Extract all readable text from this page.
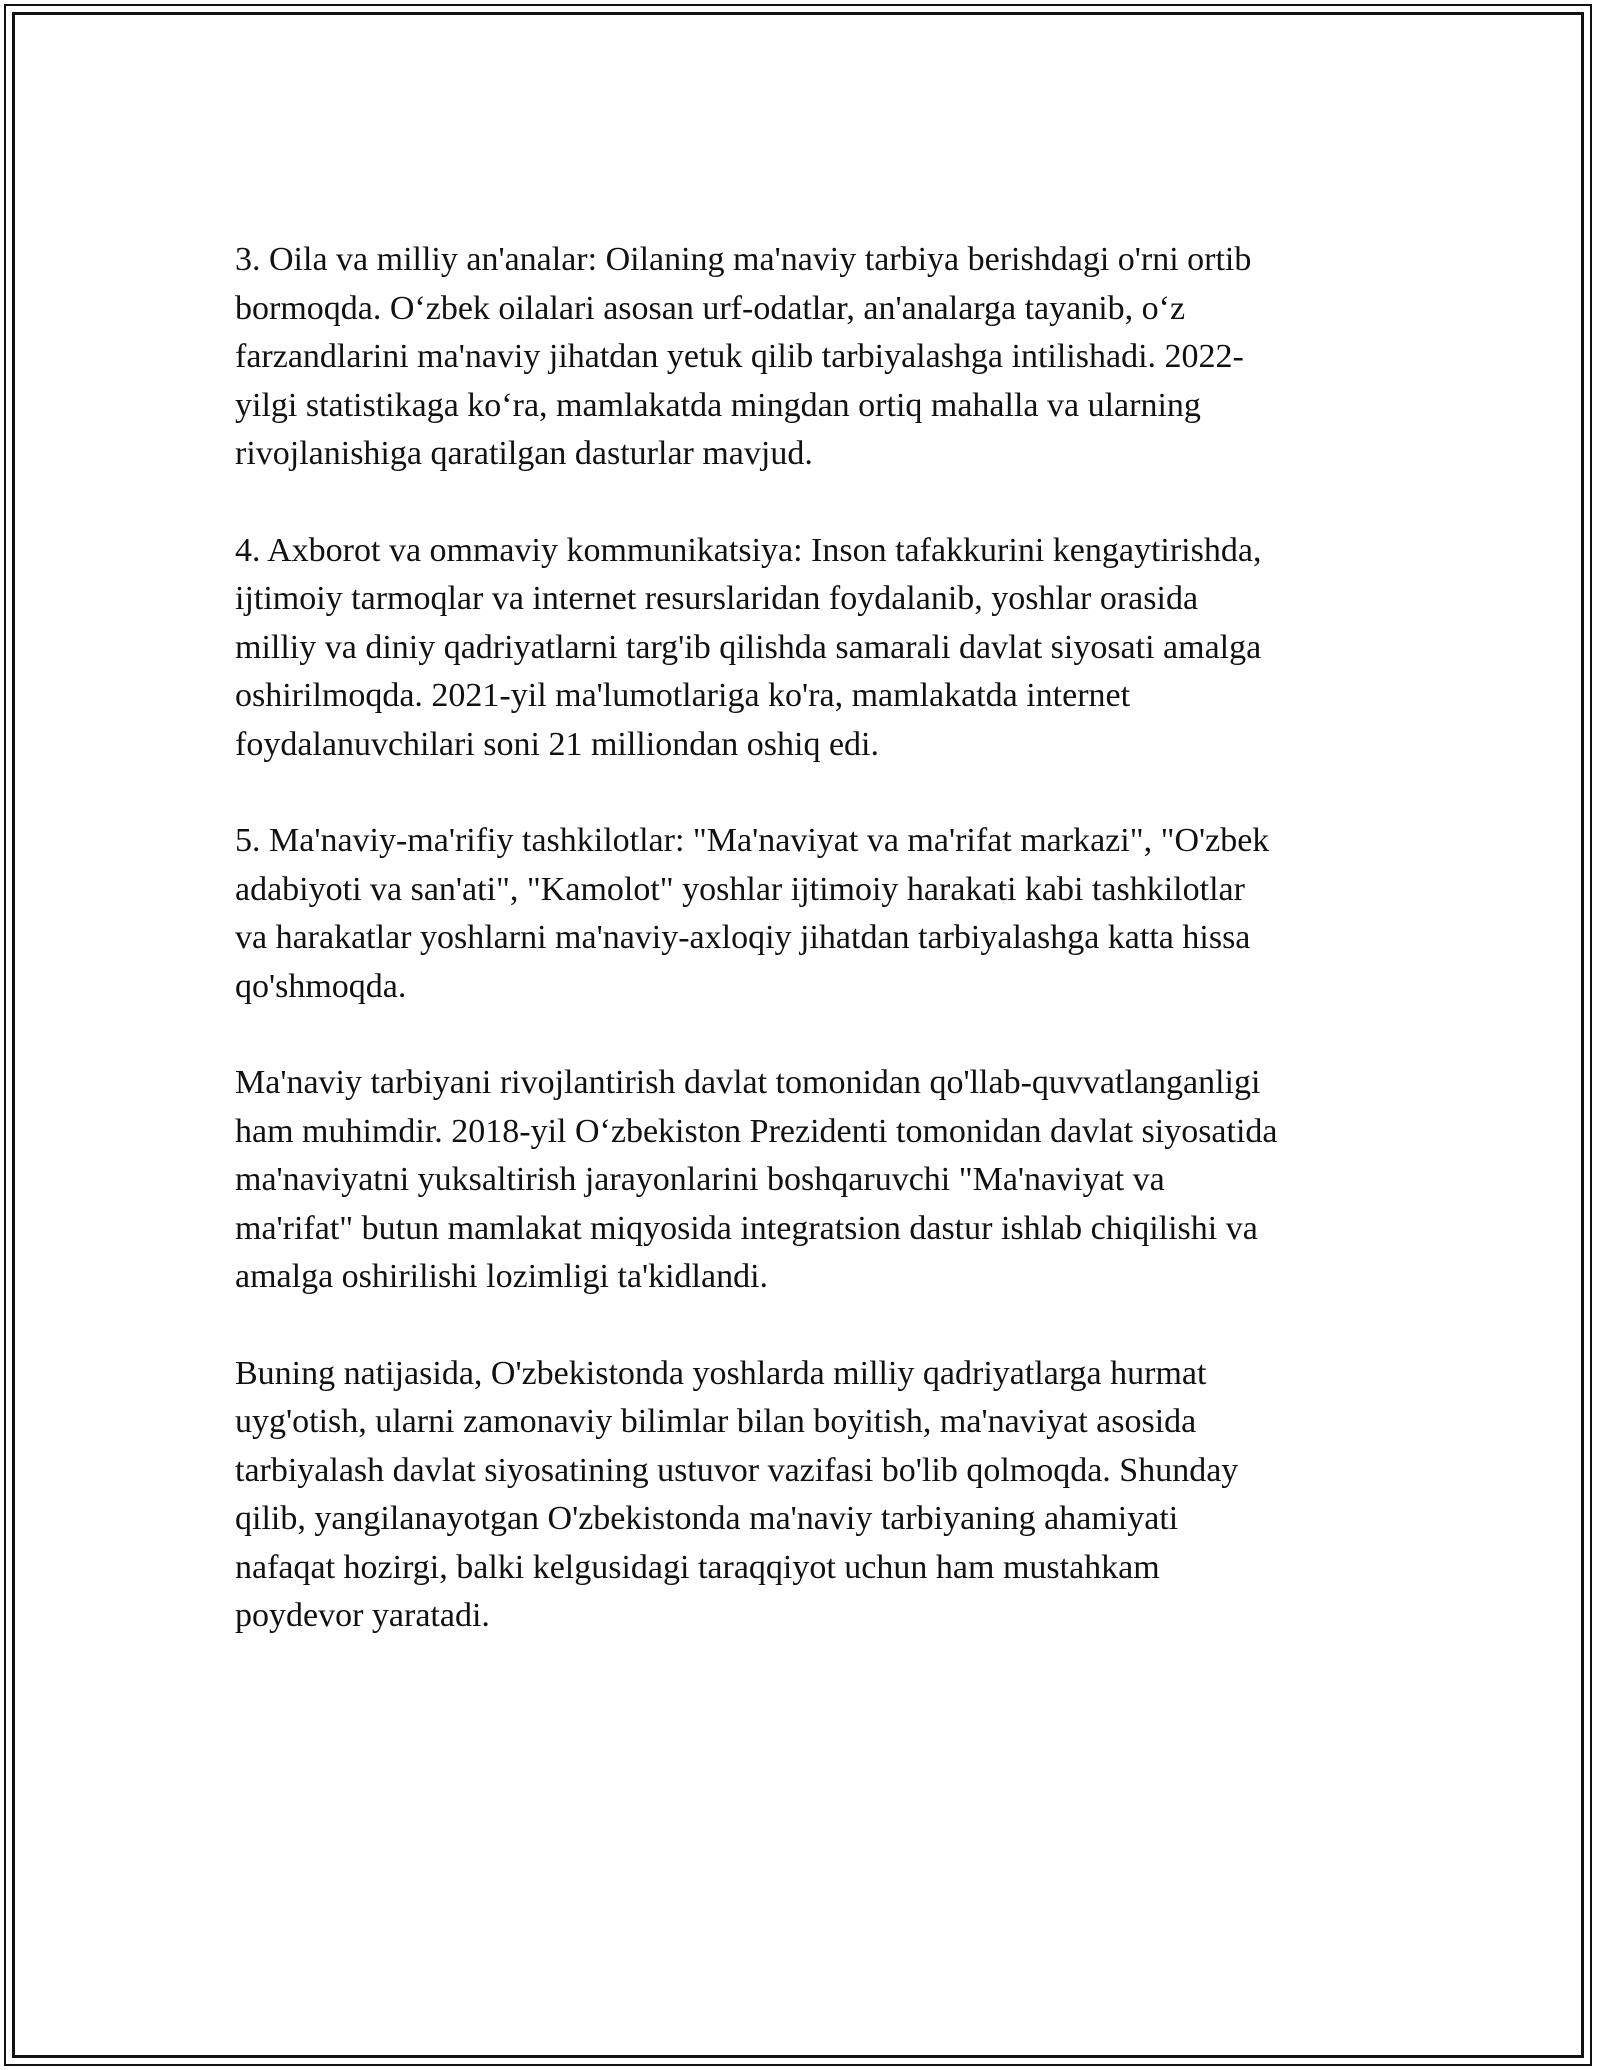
3. Oila va milliy an'analar: Oilaning ma'naviy tarbiya berishdagi o'rni ortib
bormoqda. O‘zbek oilalari asosan urf-odatlar, an'analarga tayanib, o‘z
farzandlarini ma'naviy jihatdan yetuk qilib tarbiyalashga intilishadi. 2022-
yilgi statistikaga ko‘ra, mamlakatda mingdan ortiq mahalla va ularning
rivojlanishiga qaratilgan dasturlar mavjud.
4. Axborot va ommaviy kommunikatsiya: Inson tafakkurini kengaytirishda,
ijtimoiy tarmoqlar va internet resurslaridan foydalanib, yoshlar orasida
milliy va diniy qadriyatlarni targ'ib qilishda samarali davlat siyosati amalga
oshirilmoqda. 2021-yil ma'lumotlariga ko'ra, mamlakatda internet
foydalanuvchilari soni 21 milliondan oshiq edi.
5. Ma'naviy-ma'rifiy tashkilotlar: "Ma'naviyat va ma'rifat markazi", "O'zbek
adabiyoti va san'ati", "Kamolot" yoshlar ijtimoiy harakati kabi tashkilotlar
va harakatlar yoshlarni ma'naviy-axloqiy jihatdan tarbiyalashga katta hissa
qo'shmoqda.
Ma'naviy tarbiyani rivojlantirish davlat tomonidan qo'llab-quvvatlanganligi
ham muhimdir. 2018-yil O‘zbekiston Prezidenti tomonidan davlat siyosatida
ma'naviyatni yuksaltirish jarayonlarini boshqaruvchi "Ma'naviyat va
ma'rifat" butun mamlakat miqyosida integratsion dastur ishlab chiqilishi va
amalga oshirilishi lozimligi ta'kidlandi.
Buning natijasida, O'zbekistonda yoshlarda milliy qadriyatlarga hurmat
uyg'otish, ularni zamonaviy bilimlar bilan boyitish, ma'naviyat asosida
tarbiyalash davlat siyosatining ustuvor vazifasi bo'lib qolmoqda. Shunday
qilib, yangilanayotgan O'zbekistonda ma'naviy tarbiyaning ahamiyati
nafaqat hozirgi, balki kelgusidagi taraqqiyot uchun ham mustahkam
poydevor yaratadi.
